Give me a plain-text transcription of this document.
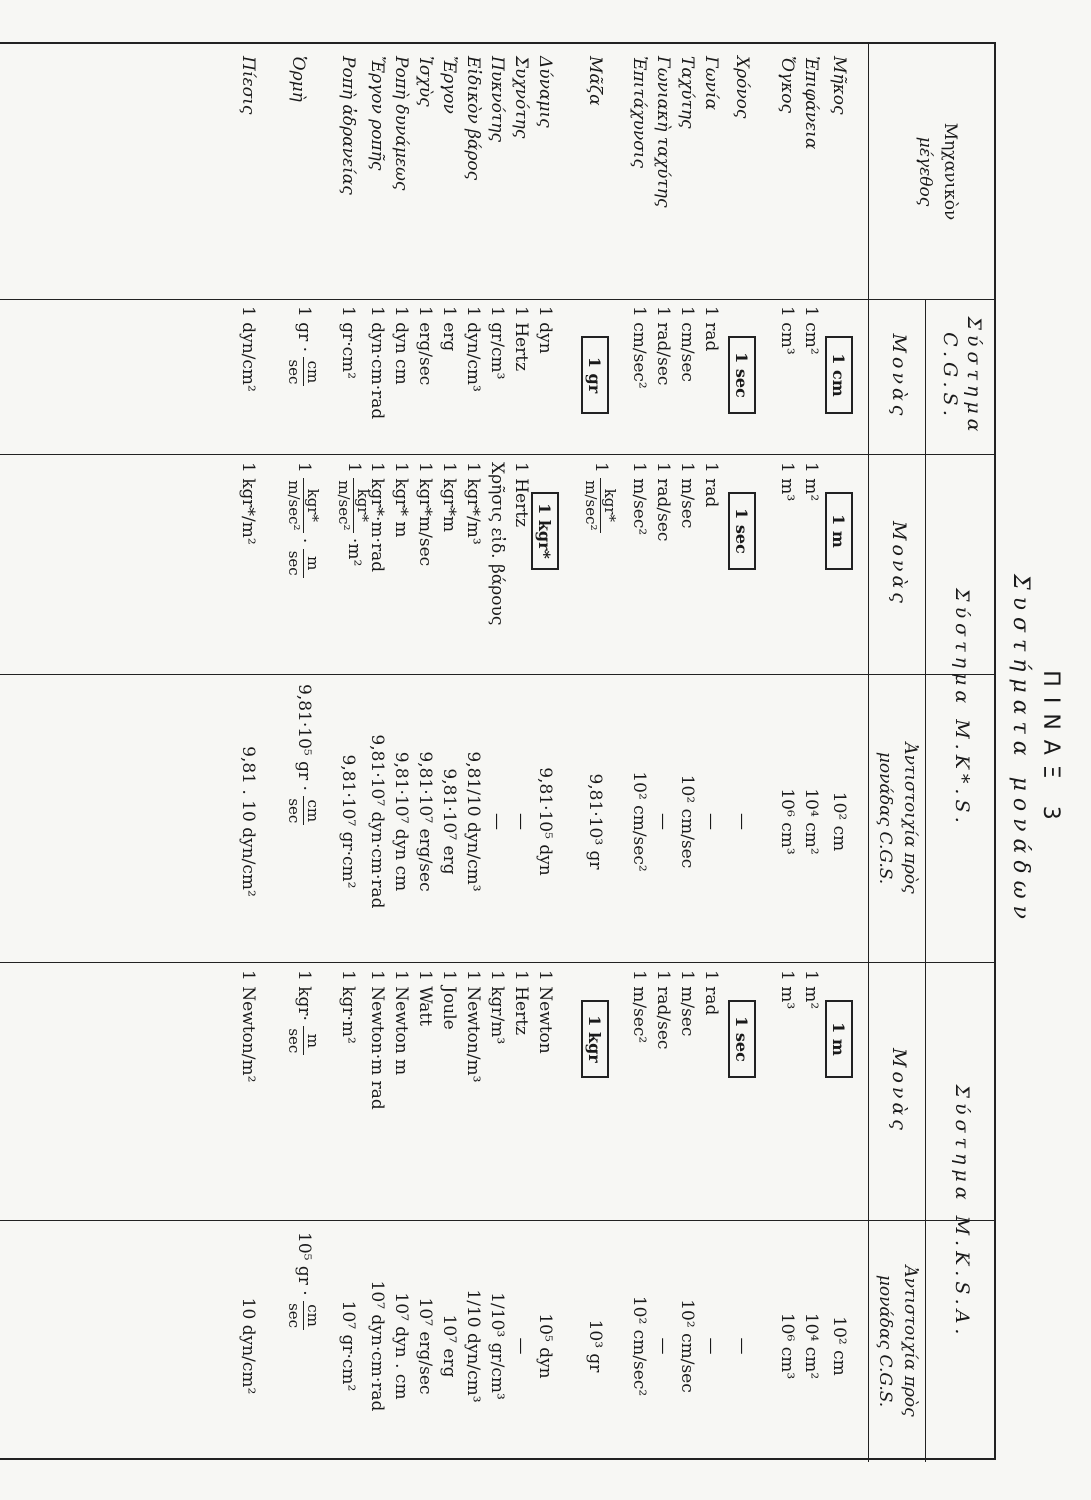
ΠΙΝΑΞ 3
Συστήματα μονάδων
Μηχανικὸν
μέγεθος
Σύστημα C.G.S.
Σύστημα M.K*.S.
Σύστημα M.K.S.A.
Μονὰς
Μονὰς
Ἀντιστοιχία πρὸς
μονάδας C.G.S.
Μονὰς
Ἀντιστοιχία πρὸς
μονάδας C.G.S.
Μῆκος
1 cm
1 m
1 m
10² cm
10² cm
Ἐπιφάνεια
1 cm²
1 m²
1 m²
10⁴ cm²
10⁴ cm²
Ὄγκος
1 cm³
1 m³
1 m³
10⁶ cm³
10⁶ cm³
Χρόνος
1 sec
1 sec
1 sec
—
—
Γωνία
1 rad
1 rad
1 rad
—
—
Ταχύτης
1 cm/sec
1 m/sec
1 m/sec
10² cm/sec
10² cm/sec
Γωνιακὴ ταχύτης
1 rad/sec
1 rad/sec
1 rad/sec
—
—
Ἐπιτάχυνσις
1 cm/sec²
1 m/sec²
1 m/sec²
10² cm/sec²
10² cm/sec²
Μᾶζα
1 gr
1
kgr*
m/sec²
1 kgr
9,81·10³ gr
10³ gr
Δύναμις
1 dyn
1 kgr*
1 Newton
9,81·10⁵ dyn
10⁵ dyn
Συχνότης
1 Hertz
1 Hertz
1 Hertz
—
—
Πυκνότης
1 gr/cm³
Χρῆσις εἰδ. βάρους
1 kgr/m³
—
1/10³ gr/cm³
Εἰδικὸν βάρος
1 dyn/cm³
1 kgr*/m³
1 Newton/m³
9,81/10 dyn/cm³
1/10 dyn/cm³
Ἔργον
1 erg
1 kgr*m
1 Joule
9,81·10⁷ erg
10⁷ erg
Ἰσχὺς
1 erg/sec
1 kgr*m/sec
1 Watt
9,81·10⁷ erg/sec
10⁷ erg/sec
Ροπὴ δυνάμεως
1 dyn cm
1 kgr* m
1 Newton m
9,81·10⁷ dyn cm
10⁷ dyn . cm
Ἔργον ροπῆς
1 dyn·cm·rad
1 kgr*·m·rad
1 Newton·m rad
9,81·10⁷ dyn·cm·rad
10⁷ dyn·cm·rad
Ροπὴ ἀδρανείας
1 gr·cm²
1
kgr*
m/sec²
·m²
1 kgr·m²
9,81·10⁷ gr·cm²
10⁷ gr·cm²
Ὁρμὴ
1 gr ·
cm
sec
1
kgr*
m/sec²
·
m
sec
1 kgr·
m
sec
9,81·10⁵ gr ·
cm
sec
10⁵ gr ·
cm
sec
Πίεσις
1 dyn/cm²
1 kgr*/m²
1 Newton/m²
9,81 . 10 dyn/cm²
10 dyn/cm²
